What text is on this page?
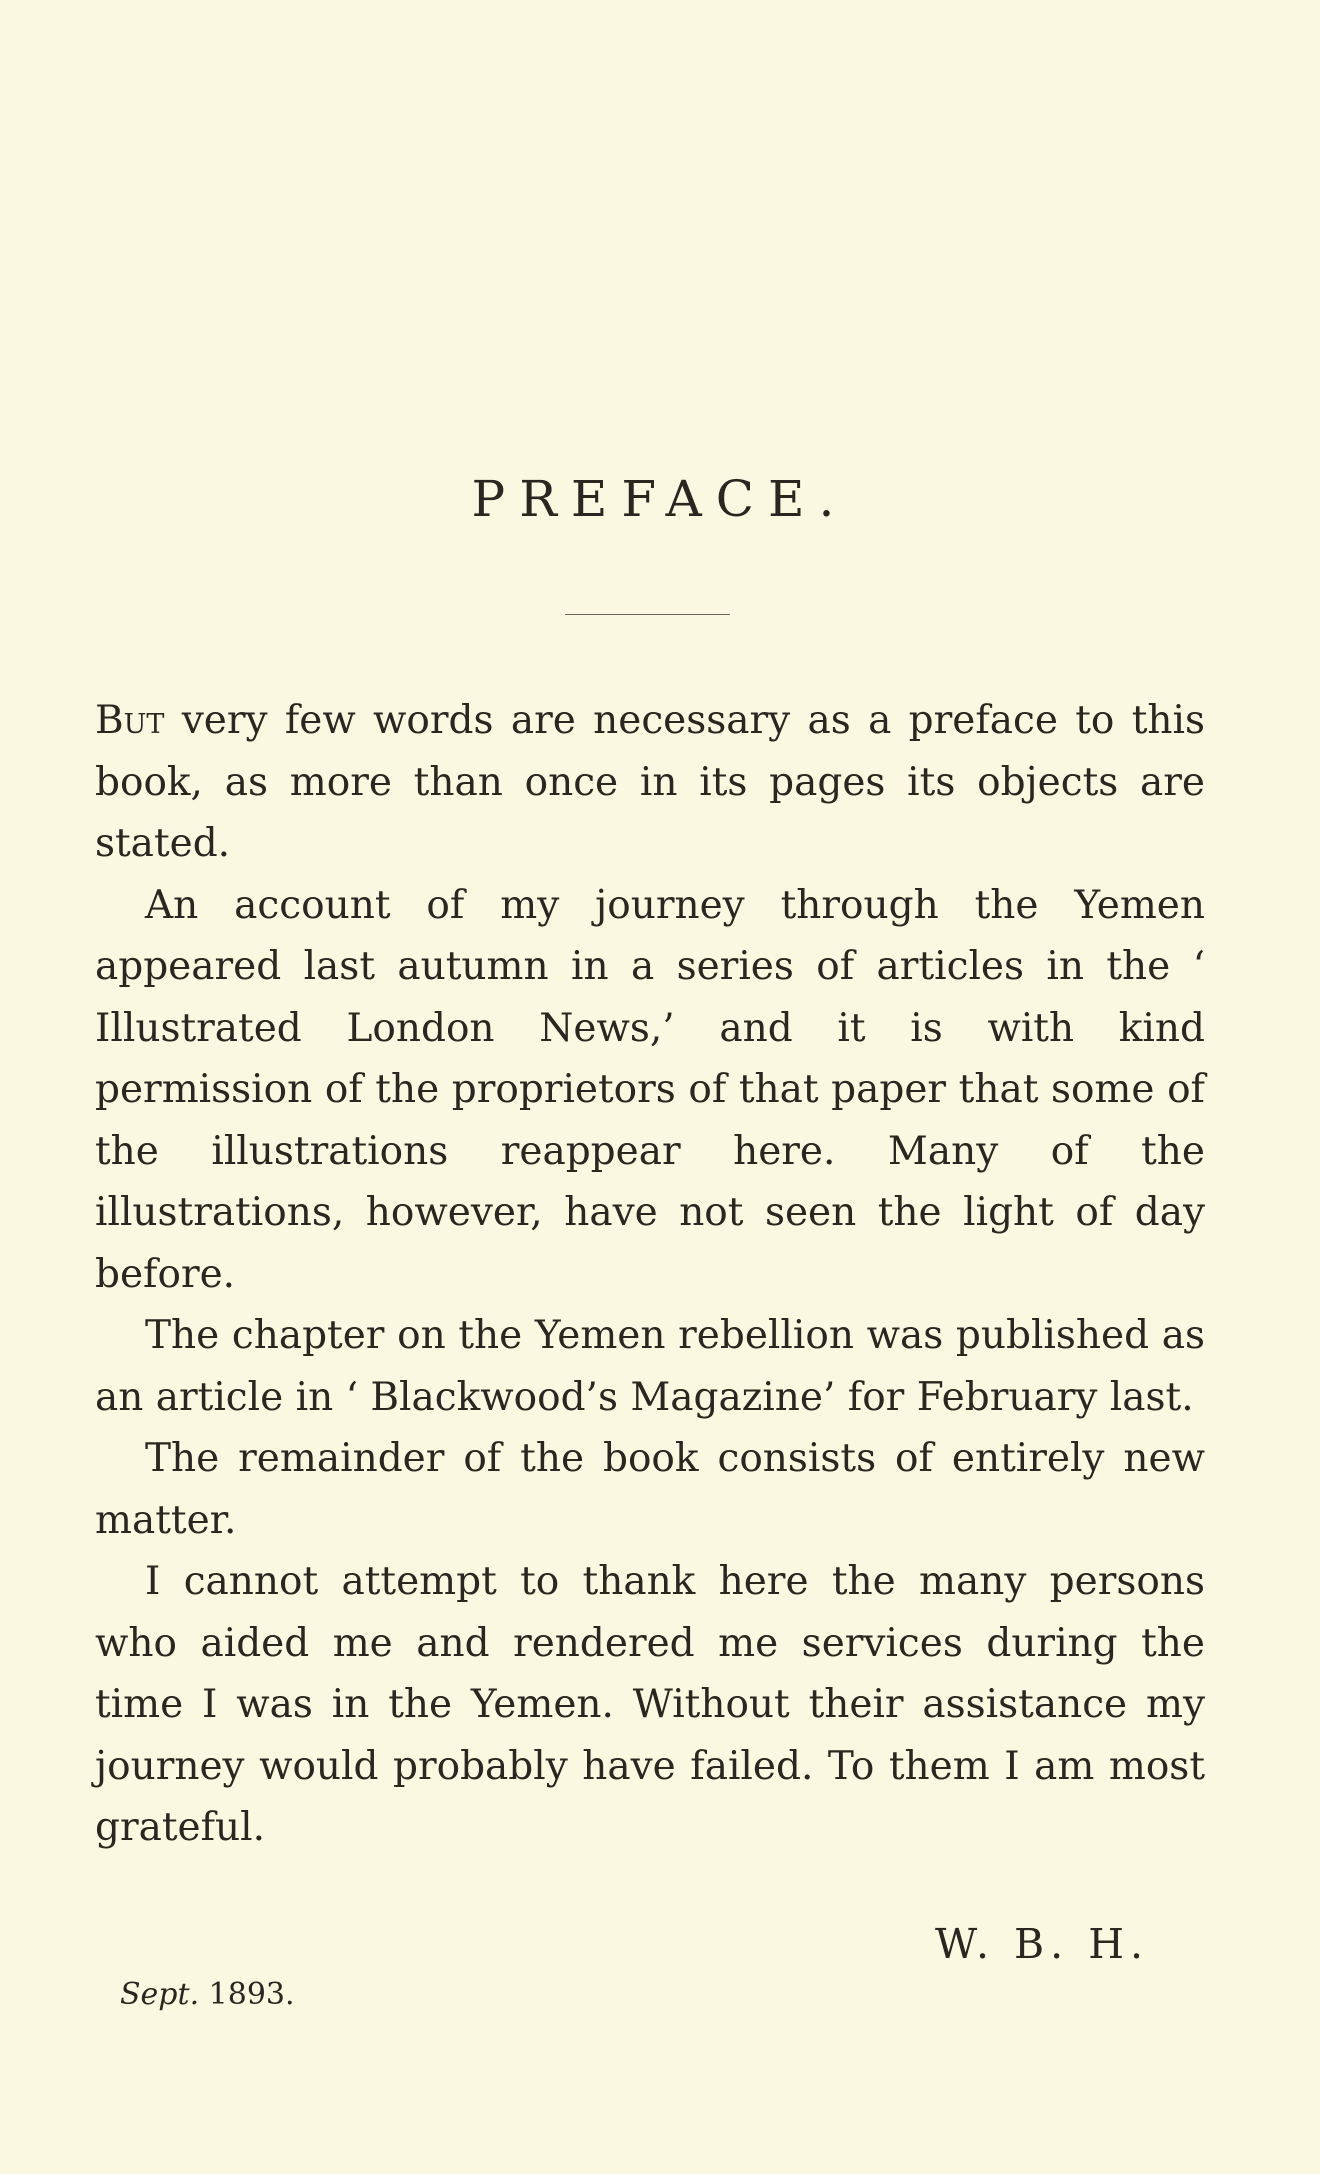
PREFACE.

But very few words are necessary as a preface to this book, as more than once in its pages its objects are stated.

An account of my journey through the Yemen appeared last autumn in a series of articles in the ‘ Illustrated London News,’ and it is with kind permission of the proprietors of that paper that some of the illustrations reappear here. Many of the illustrations, however, have not seen the light of day before.

The chapter on the Yemen rebellion was published as an article in ‘ Blackwood’s Magazine’ for February last.

The remainder of the book consists of entirely new matter.

I cannot attempt to thank here the many persons who aided me and rendered me services during the time I was in the Yemen. Without their assistance my journey would probably have failed. To them I am most grateful.

W. B. H.

Sept. 1893.
